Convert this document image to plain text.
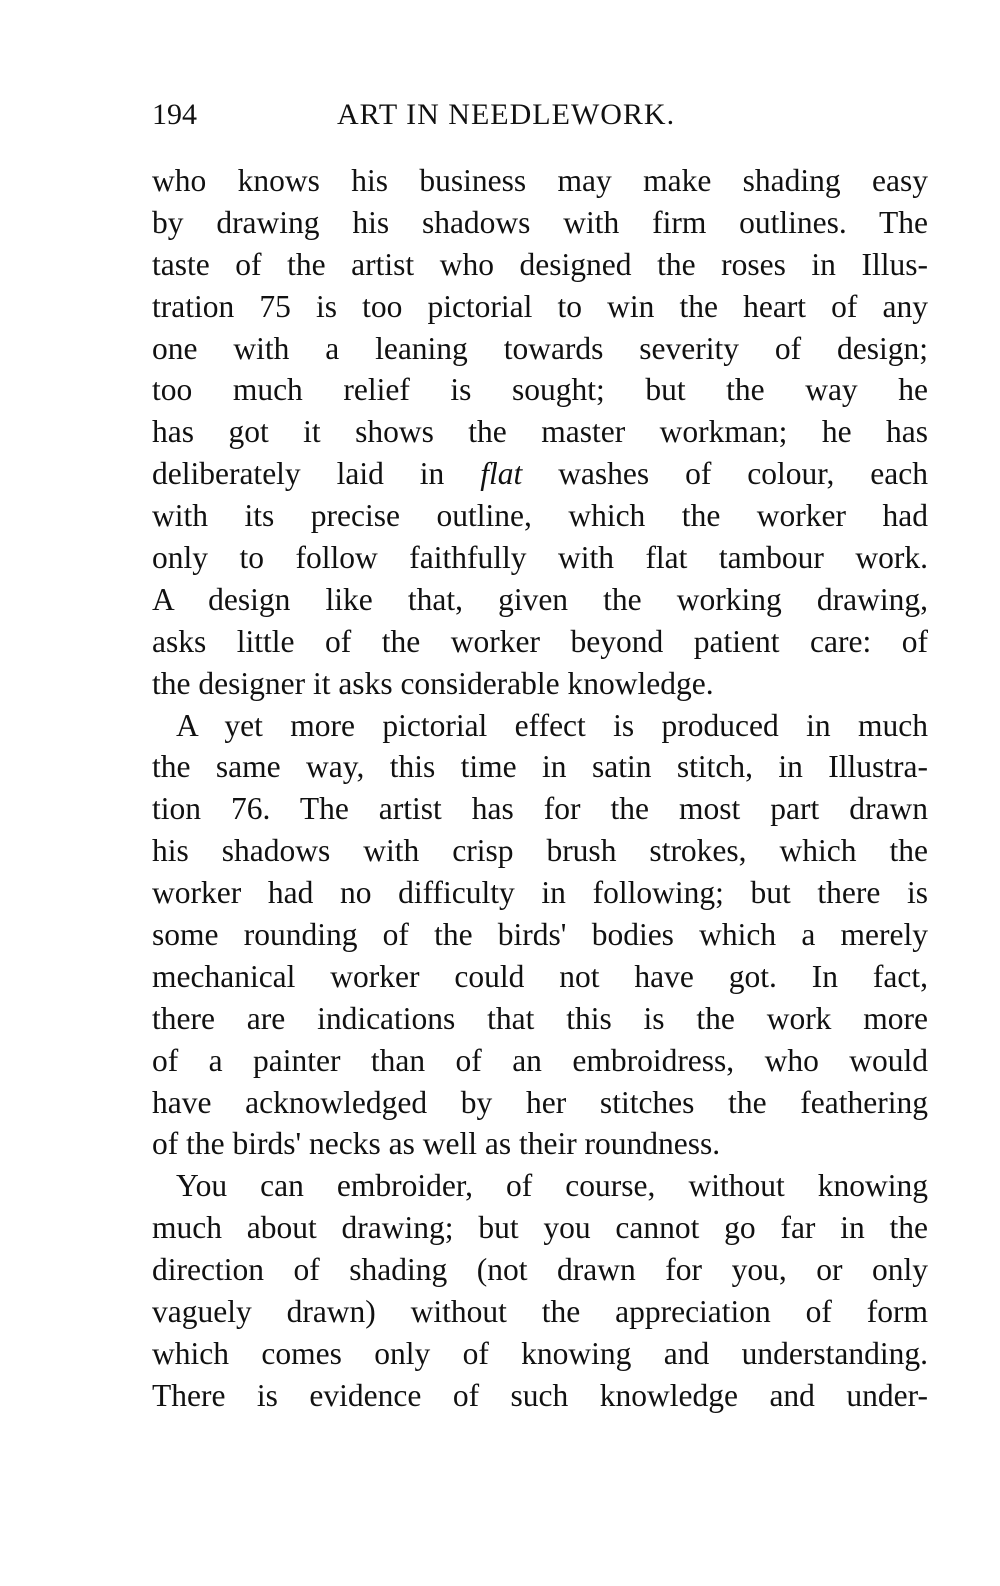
194	ART IN NEEDLEWORK.
who knows his business may make shading easy
by drawing his shadows with firm outlines. The
taste of the artist who designed the roses in Illus-
tration 75 is too pictorial to win the heart of any
one with a leaning towards severity of design;
too much relief is sought; but the way he
has got it shows the master workman; he has
deliberately laid in flat washes of colour, each
with its precise outline, which the worker had
only to follow faithfully with flat tambour work.
A design like that, given the working drawing,
asks little of the worker beyond patient care: of
the designer it asks considerable knowledge.
A yet more pictorial effect is produced in much
the same way, this time in satin stitch, in Illustra-
tion 76. The artist has for the most part drawn
his shadows with crisp brush strokes, which the
worker had no difficulty in following; but there is
some rounding of the birds' bodies which a merely
mechanical worker could not have got. In fact,
there are indications that this is the work more
of a painter than of an embroidress, who would
have acknowledged by her stitches the feathering
of the birds' necks as well as their roundness.
You can embroider, of course, without knowing
much about drawing; but you cannot go far in the
direction of shading (not drawn for you, or only
vaguely drawn) without the appreciation of form
which comes only of knowing and understanding.
There is evidence of such knowledge and under-
